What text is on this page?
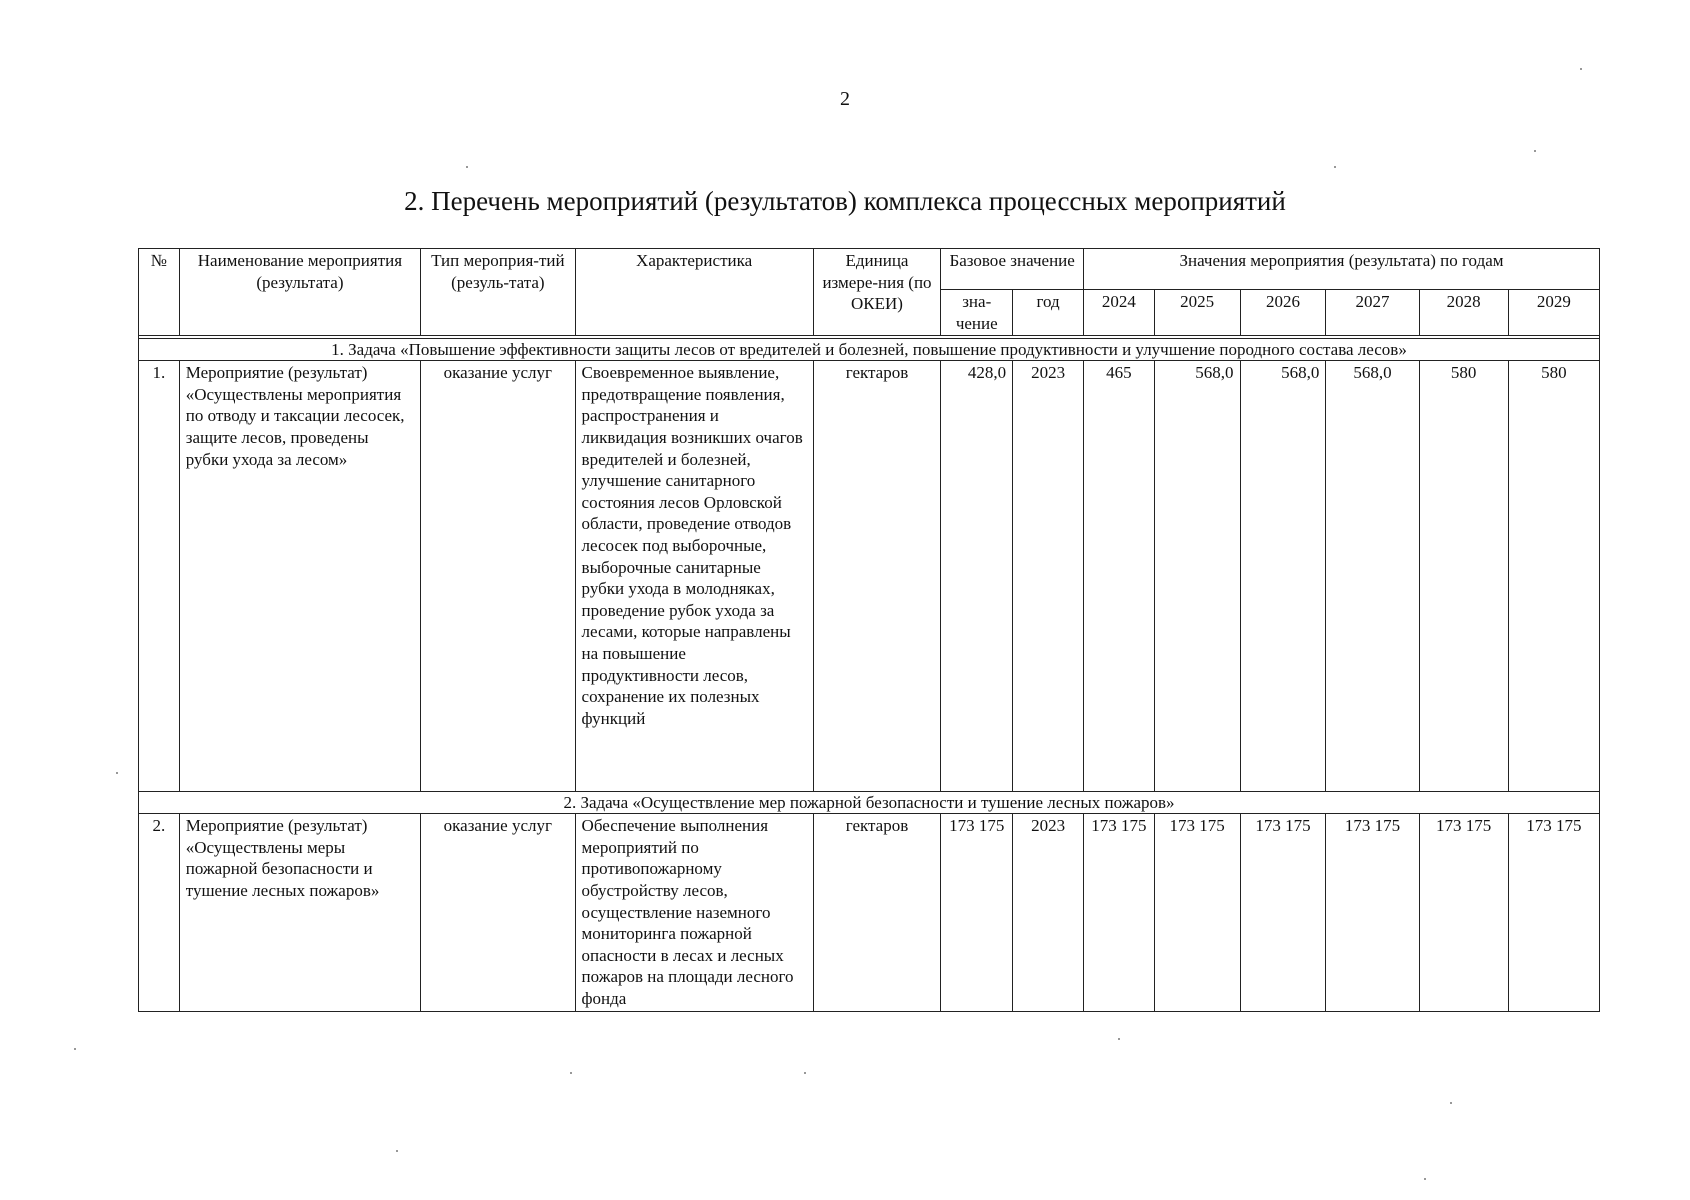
2
2. Перечень мероприятий (результатов) комплекса процессных мероприятий
№	Наименование мероприятия (результата)	Тип мероприя-тий (резуль-тата)	Характеристика	Единица измере-ния (по ОКЕИ)	Базовое значение		Значения мероприятия (результата) по годам					
					зна-чение	год	2024	2025	2026	2027	2028	2029

1. Задача «Повышение эффективности защиты лесов от вредителей и болезней, повышение продуктивности и улучшение породного состава лесов»												
1.	Мероприятие (результат) «Осуществлены мероприятия по отводу и таксации лесосек, защите лесов, проведены рубки ухода за лесом»	оказание услуг	Своевременное выявление, предотвращение появления, распространения и ликвидация возникших очагов вредителей и болезней, улучшение санитарного состояния лесов Орловской области, проведение отводов лесосек под выборочные, выборочные санитарные рубки ухода в молодняках, проведение рубок ухода за лесами, которые направлены на повышение продуктивности лесов, сохранение их полезных функций	гектаров	428,0	2023	465	568,0	568,0	568,0	580	580
2. Задача «Осуществление мер пожарной безопасности и тушение лесных пожаров»												
2.	Мероприятие (результат) «Осуществлены меры пожарной безопасности и тушение лесных пожаров»	оказание услуг	Обеспечение выполнения мероприятий по противопожарному обустройству лесов, осуществление наземного мониторинга пожарной опасности в лесах и лесных пожаров на площади лесного фонда	гектаров	173 175	2023	173 175	173 175	173 175	173 175	173 175	173 175
